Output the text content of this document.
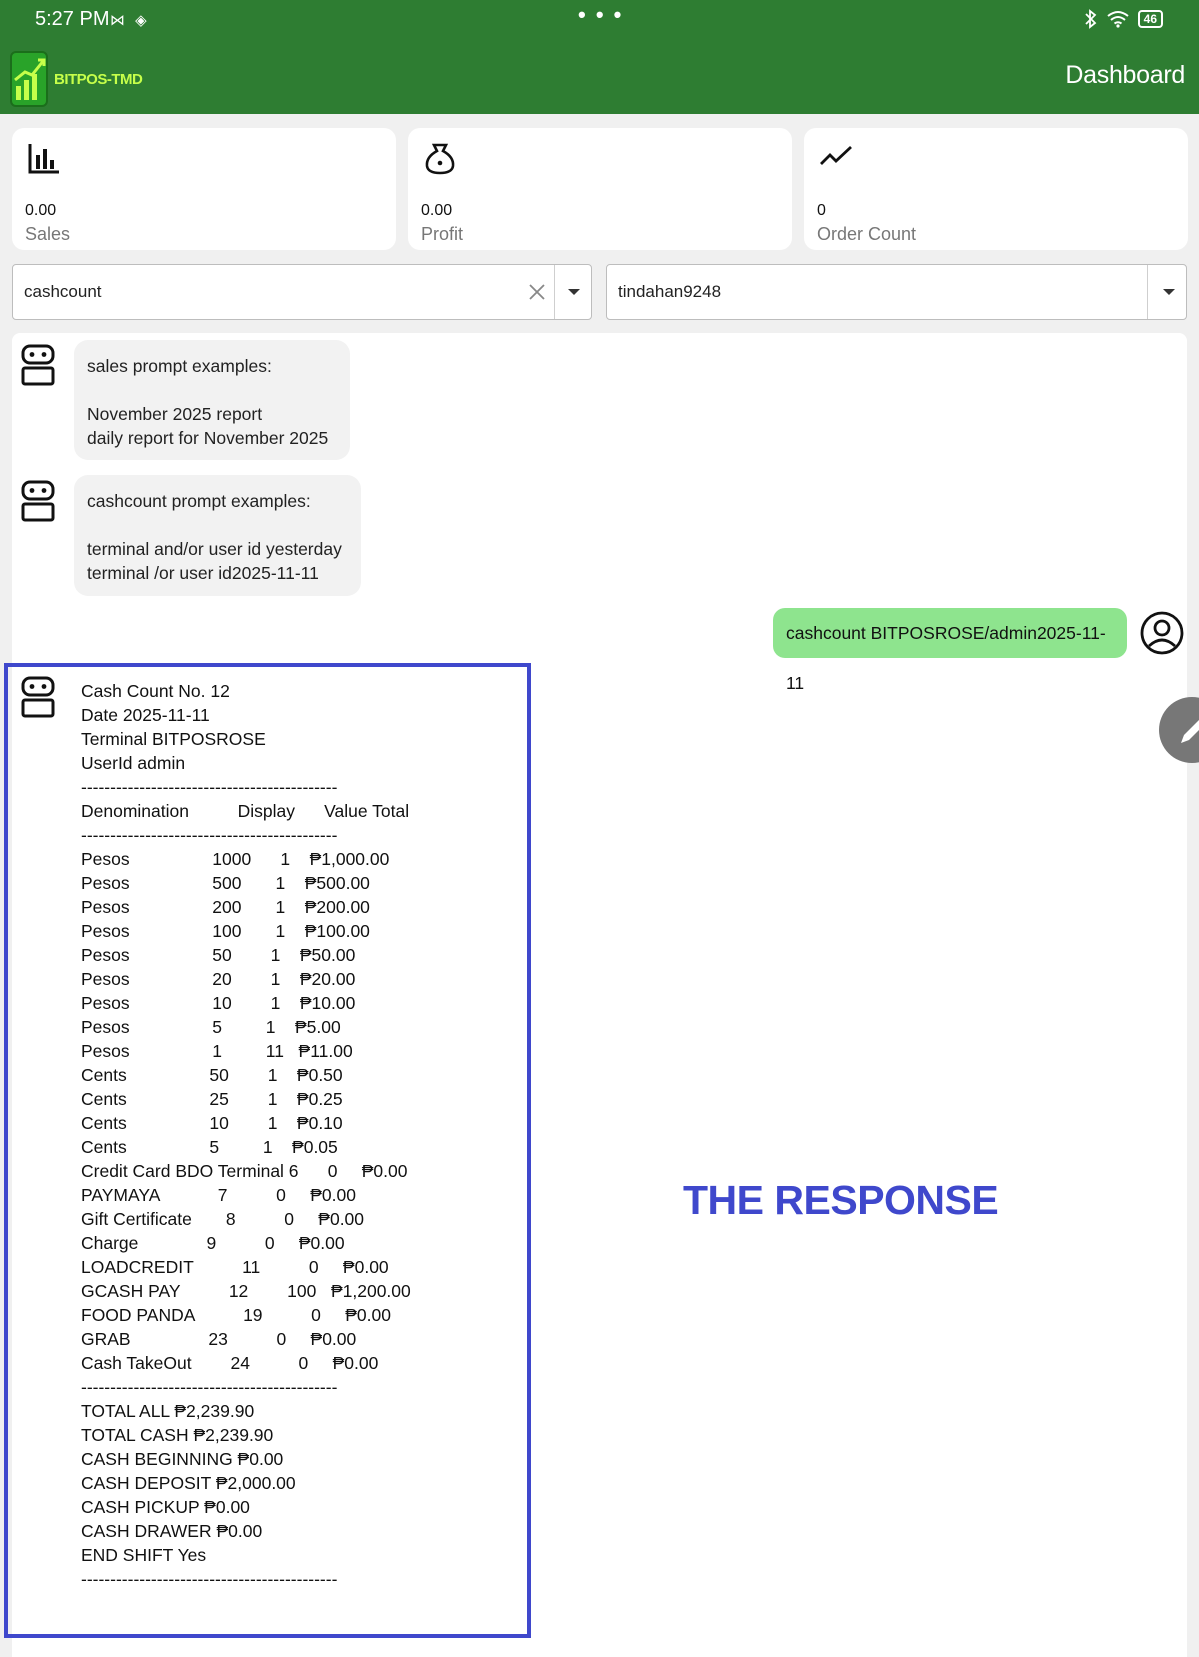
5:27 PM ⋈ ◈	• • •	46
BITPOS-TMD	Dashboard
0.00
Sales
0.00
Profit
0
Order Count
cashcount	tindahan9248
sales prompt examples:

November 2025 report
daily report for November 2025
cashcount prompt examples:

terminal and/or user id yesterday
terminal /or user id2025-11-11
cashcount BITPOSROSE/admin2025-11-11
Cash Count No. 12
Date 2025-11-11
Terminal BITPOSROSE
UserId admin
--------------------------------------------
Denomination          Display      Value Total
--------------------------------------------
Pesos                 1000      1    ₱1,000.00
Pesos                 500       1    ₱500.00
Pesos                 200       1    ₱200.00
Pesos                 100       1    ₱100.00
Pesos                 50        1    ₱50.00
Pesos                 20        1    ₱20.00
Pesos                 10        1    ₱10.00
Pesos                 5         1    ₱5.00
Pesos                 1         11   ₱11.00
Cents                 50        1    ₱0.50
Cents                 25        1    ₱0.25
Cents                 10        1    ₱0.10
Cents                 5         1    ₱0.05
Credit Card BDO Terminal 6      0     ₱0.00
PAYMAYA            7          0     ₱0.00
Gift Certificate       8          0     ₱0.00
Charge              9          0     ₱0.00
LOADCREDIT          11          0     ₱0.00
GCASH PAY          12        100   ₱1,200.00
FOOD PANDA          19          0     ₱0.00
GRAB                23          0     ₱0.00
Cash TakeOut        24          0     ₱0.00
--------------------------------------------
TOTAL ALL ₱2,239.90
TOTAL CASH ₱2,239.90
CASH BEGINNING ₱0.00
CASH DEPOSIT ₱2,000.00
CASH PICKUP ₱0.00
CASH DRAWER ₱0.00
END SHIFT Yes
--------------------------------------------
THE RESPONSE
